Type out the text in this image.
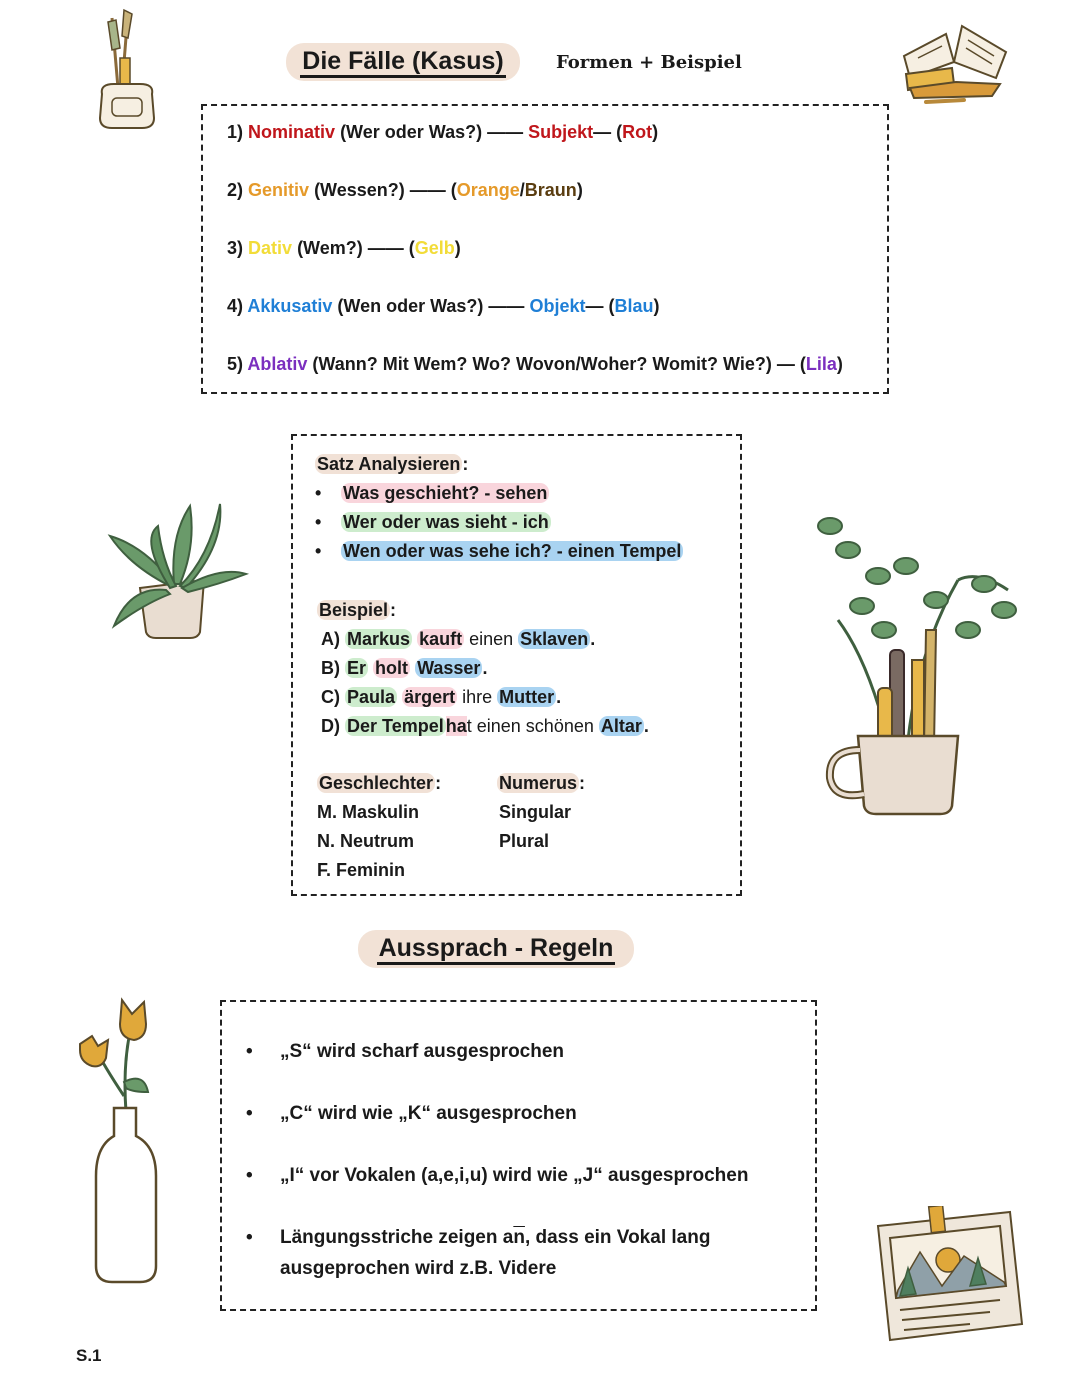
Die Fälle (Kasus)	Formen + Beispiel
1) Nominativ (Wer oder Was?) —— Subjekt— (Rot)
2) Genitiv (Wessen?) —— (Orange/Braun)
3) Dativ (Wem?) —— (Gelb)
4) Akkusativ (Wen oder Was?) —— Objekt— (Blau)
5) Ablativ (Wann? Mit Wem? Wo? Wovon/Woher? Womit? Wie?) — (Lila)
Satz Analysieren :
• Was geschieht? - sehen
• Wer oder was sieht - ich
• Wen oder was sehe ich? - einen Tempel
Beispiel :
A) Markus kauft einen Sklaven .
B) Er holt Wasser .
C) Paula ärgert ihre Mutter .
D) Der Tempel hat einen schönen Altar .
Geschlechter :
M. Maskulin
N. Neutrum
F. Feminin
Numerus :
Singular
Plural
Aussprach - Regeln
• „S“ wird scharf ausgesprochen
• „C“ wird wie „K“ ausgesprochen
• „I“ vor Vokalen (a,e,i,u) wird wie „J“ ausgesprochen
• Längungsstriche zeigen $a\overline{n}$, dass ein Vokal lang ausgeprochen wird z.B. Videre
S.1
